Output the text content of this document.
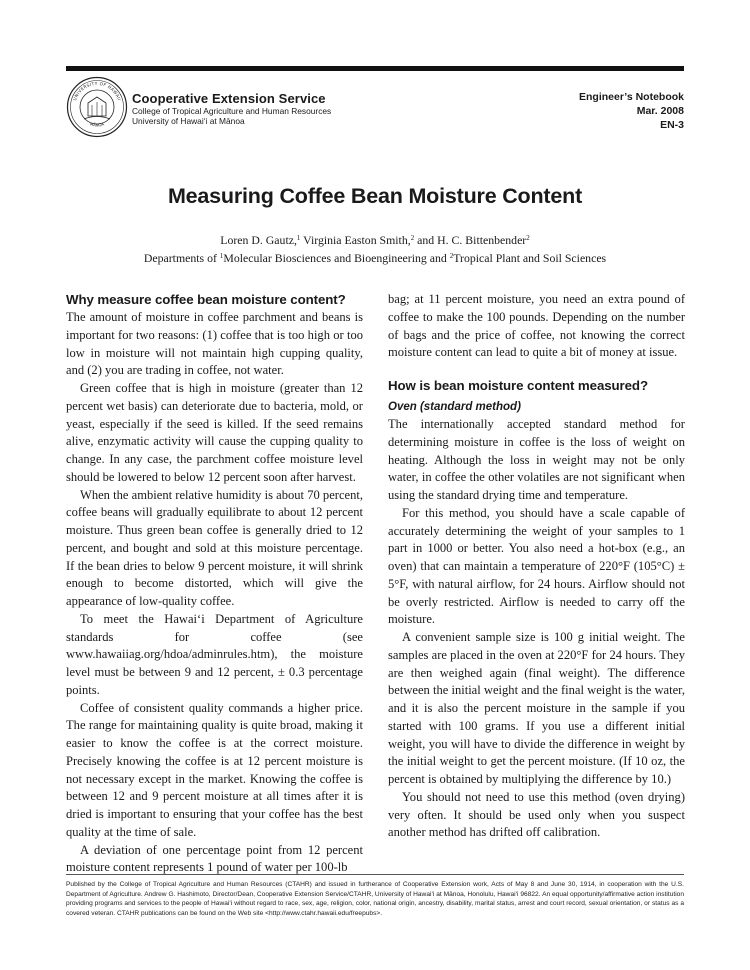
UNIVERSITY OF HAWAII
MĀNOA
Cooperative Extension Service
College of Tropical Agriculture and Human Resources
University of Hawai‘i at Mānoa
Engineer’s Notebook
Mar. 2008
EN-3
Measuring Coffee Bean Moisture Content
Loren D. Gautz,$^1$ Virginia Easton Smith,$^2$ and H. C. Bittenbender$^2$
Departments of $^1$Molecular Biosciences and Bioengineering and $^2$Tropical Plant and Soil Sciences
Why measure coffee bean moisture content?

The amount of moisture in coffee parchment and beans is important for two reasons: (1) coffee that is too high or too low in moisture will not maintain high cupping quality, and (2) you are trading in coffee, not water.

Green coffee that is high in moisture (greater than 12 percent wet basis) can deteriorate due to bacteria, mold, or yeast, especially if the seed is killed. If the seed remains alive, enzymatic activity will cause the cupping quality to change. In any case, the parchment coffee moisture level should be lowered to below 12 percent soon after harvest.

When the ambient relative humidity is about 70 percent, coffee beans will gradually equilibrate to about 12 percent moisture. Thus green bean coffee is generally dried to 12 percent, and bought and sold at this moisture percentage. If the bean dries to below 9 percent moisture, it will shrink enough to become distorted, which will give the appearance of low-quality coffee.

To meet the Hawai‘i Department of Agriculture standards for coffee (see www.hawaiiag.org/hdoa/adminrules.htm), the moisture level must be between 9 and 12 percent, ± 0.3 percentage points.

Coffee of consistent quality commands a higher price. The range for maintaining quality is quite broad, making it easier to know the coffee is at the correct moisture. Precisely knowing the coffee is at 12 percent moisture is not necessary except in the market. Knowing the coffee is between 12 and 9 percent moisture at all times after it is dried is important to ensuring that your coffee has the best quality at the time of sale.

A deviation of one percentage point from 12 percent moisture content represents 1 pound of water per 100-lb

bag; at 11 percent moisture, you need an extra pound of coffee to make the 100 pounds. Depending on the number of bags and the price of coffee, not knowing the correct moisture content can lead to quite a bit of money at issue.

How is bean moisture content measured?
Oven (standard method)

The internationally accepted standard method for determining moisture in coffee is the loss of weight on heating. Although the loss in weight may not be only water, in coffee the other volatiles are not significant when using the standard drying time and temperature.

For this method, you should have a scale capable of accurately determining the weight of your samples to 1 part in 1000 or better. You also need a hot-box (e.g., an oven) that can maintain a temperature of 220°F (105°C) ± 5°F, with natural airflow, for 24 hours. Airflow should not be overly restricted. Airflow is needed to carry off the moisture.

A convenient sample size is 100 g initial weight. The samples are placed in the oven at 220°F for 24 hours. They are then weighed again (final weight). The difference between the initial weight and the final weight is the water, and it is also the percent moisture in the sample if you started with 100 grams. If you use a different initial weight, you will have to divide the difference in weight by the initial weight to get the percent moisture. (If 10 oz, the percent is obtained by multiplying the difference by 10.)

You should not need to use this method (oven drying) very often. It should be used only when you suspect another method has drifted off calibration.

Published by the College of Tropical Agriculture and Human Resources (CTAHR) and issued in furtherance of Cooperative Extension work, Acts of May 8 and June 30, 1914, in cooperation with the U.S. Department of Agriculture. Andrew G. Hashimoto, Director/Dean, Cooperative Extension Service/CTAHR, University of Hawai‘i at Mānoa, Honolulu, Hawai‘i 96822. An equal opportunity/affirmative action institution providing programs and services to the people of Hawai‘i without regard to race, sex, age, religion, color, national origin, ancestry, disability, marital status, arrest and court record, sexual orientation, or status as a covered veteran. CTAHR publications can be found on the Web site <http://www.ctahr.hawaii.edu/freepubs>.
